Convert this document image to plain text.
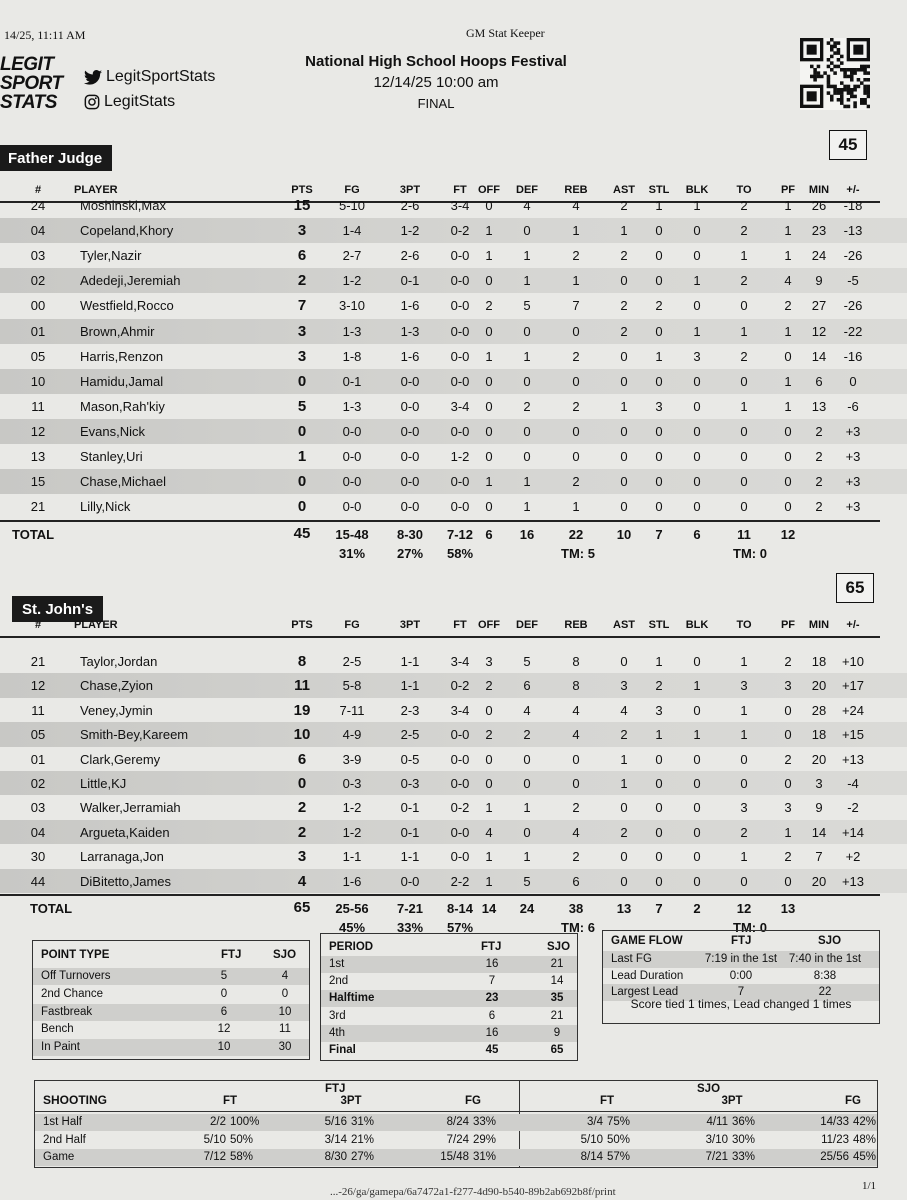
14/25, 11:11 AM	GM Stat Keeper
LEGIT
SPORT
STATS
LegitSportStats
LegitStats
National High School Hoops Festival
12/14/25 10:00 am
FINAL
Father Judge
45
#	PLAYER	PTS	FG	3PT	FT	OFF	DEF	REB	AST	STL	BLK	TO	PF	MIN	+/-
24	Moshinski,Max	15	5-10	2-6	3-4	0	4	4	2	1	1	2	1	26	-18
04	Copeland,Khory	3	1-4	1-2	0-2	1	0	1	1	0	0	2	1	23	-13
03	Tyler,Nazir	6	2-7	2-6	0-0	1	1	2	2	0	0	1	1	24	-26
02	Adedeji,Jeremiah	2	1-2	0-1	0-0	0	1	1	0	0	1	2	4	9	-5
00	Westfield,Rocco	7	3-10	1-6	0-0	2	5	7	2	2	0	0	2	27	-26
01	Brown,Ahmir	3	1-3	1-3	0-0	0	0	0	2	0	1	1	1	12	-22
05	Harris,Renzon	3	1-8	1-6	0-0	1	1	2	0	1	3	2	0	14	-16
10	Hamidu,Jamal	0	0-1	0-0	0-0	0	0	0	0	0	0	0	1	6	0
11	Mason,Rah'kiy	5	1-3	0-0	3-4	0	2	2	1	3	0	1	1	13	-6
12	Evans,Nick	0	0-0	0-0	0-0	0	0	0	0	0	0	0	0	2	+3
13	Stanley,Uri	1	0-0	0-0	1-2	0	0	0	0	0	0	0	0	2	+3
15	Chase,Michael	0	0-0	0-0	0-0	1	1	2	0	0	0	0	0	2	+3
21	Lilly,Nick	0	0-0	0-0	0-0	0	1	1	0	0	0	0	0	2	+3
TOTAL	45	15-48	8-30	7-12 6	16	22	10	7	6	11	12
31%	27%	58%	TM: 5	TM: 0
St. John's
65
#	PLAYER	PTS	FG	3PT	FT	OFF	DEF	REB	AST	STL	BLK	TO	PF	MIN	+/-
21	Taylor,Jordan	8	2-5	1-1	3-4	3	5	8	0	1	0	1	2	18	+10
12	Chase,Zyion	11	5-8	1-1	0-2	2	6	8	3	2	1	3	3	20	+17
11	Veney,Jymin	19	7-11	2-3	3-4	0	4	4	4	3	0	1	0	28	+24
05	Smith-Bey,Kareem	10	4-9	2-5	0-0	2	2	4	2	1	1	1	0	18	+15
01	Clark,Geremy	6	3-9	0-5	0-0	0	0	0	1	0	0	0	2	20	+13
02	Little,KJ	0	0-3	0-3	0-0	0	0	0	1	0	0	0	0	3	-4
03	Walker,Jerramiah	2	1-2	0-1	0-2	1	1	2	0	0	0	3	3	9	-2
04	Argueta,Kaiden	2	1-2	0-1	0-0	4	0	4	2	0	0	2	1	14	+14
30	Larranaga,Jon	3	1-1	1-1	0-0	1	1	2	0	0	0	1	2	7	+2
44	DiBitetto,James	4	1-6	0-0	2-2	1	5	6	0	0	0	0	0	20	+13
TOTAL	65	25-56	7-21	8-14 14	24	38	13	7	2	12	13
45%	33%	57%	TM: 6	TM: 0
POINT TYPE	FTJ	SJO
Off Turnovers	5	4
2nd Chance	0	0
Fastbreak	6	10
Bench	12	11
In Paint	10	30
PERIOD	FTJ	SJO
1st	16	21
2nd	7	14
Halftime	23	35
3rd	6	21
4th	16	9
Final	45	65
GAME FLOW	FTJ	SJO
Last FG	7:19 in the 1st	7:40 in the 1st
Lead Duration	0:00	8:38
Largest Lead	7	22
Score tied 1 times, Lead changed 1 times
SHOOTING
FTJ	SJO
FT	FT
3PT	3PT
FG	FG
1st Half	2/2 100%	5/16 31%	8/24 33%	3/4 75%	4/11 36%	14/33 42%
2nd Half	5/10 50%	3/14 21%	7/24 29%	5/10 50%	3/10 30%	11/23 48%
Game	7/12 58%	8/30 27%	15/48 31%	8/14 57%	7/21 33%	25/56 45%
...-26/ga/gamepa/6a7472a1-f277-4d90-b540-89b2ab692b8f/print	1/1
